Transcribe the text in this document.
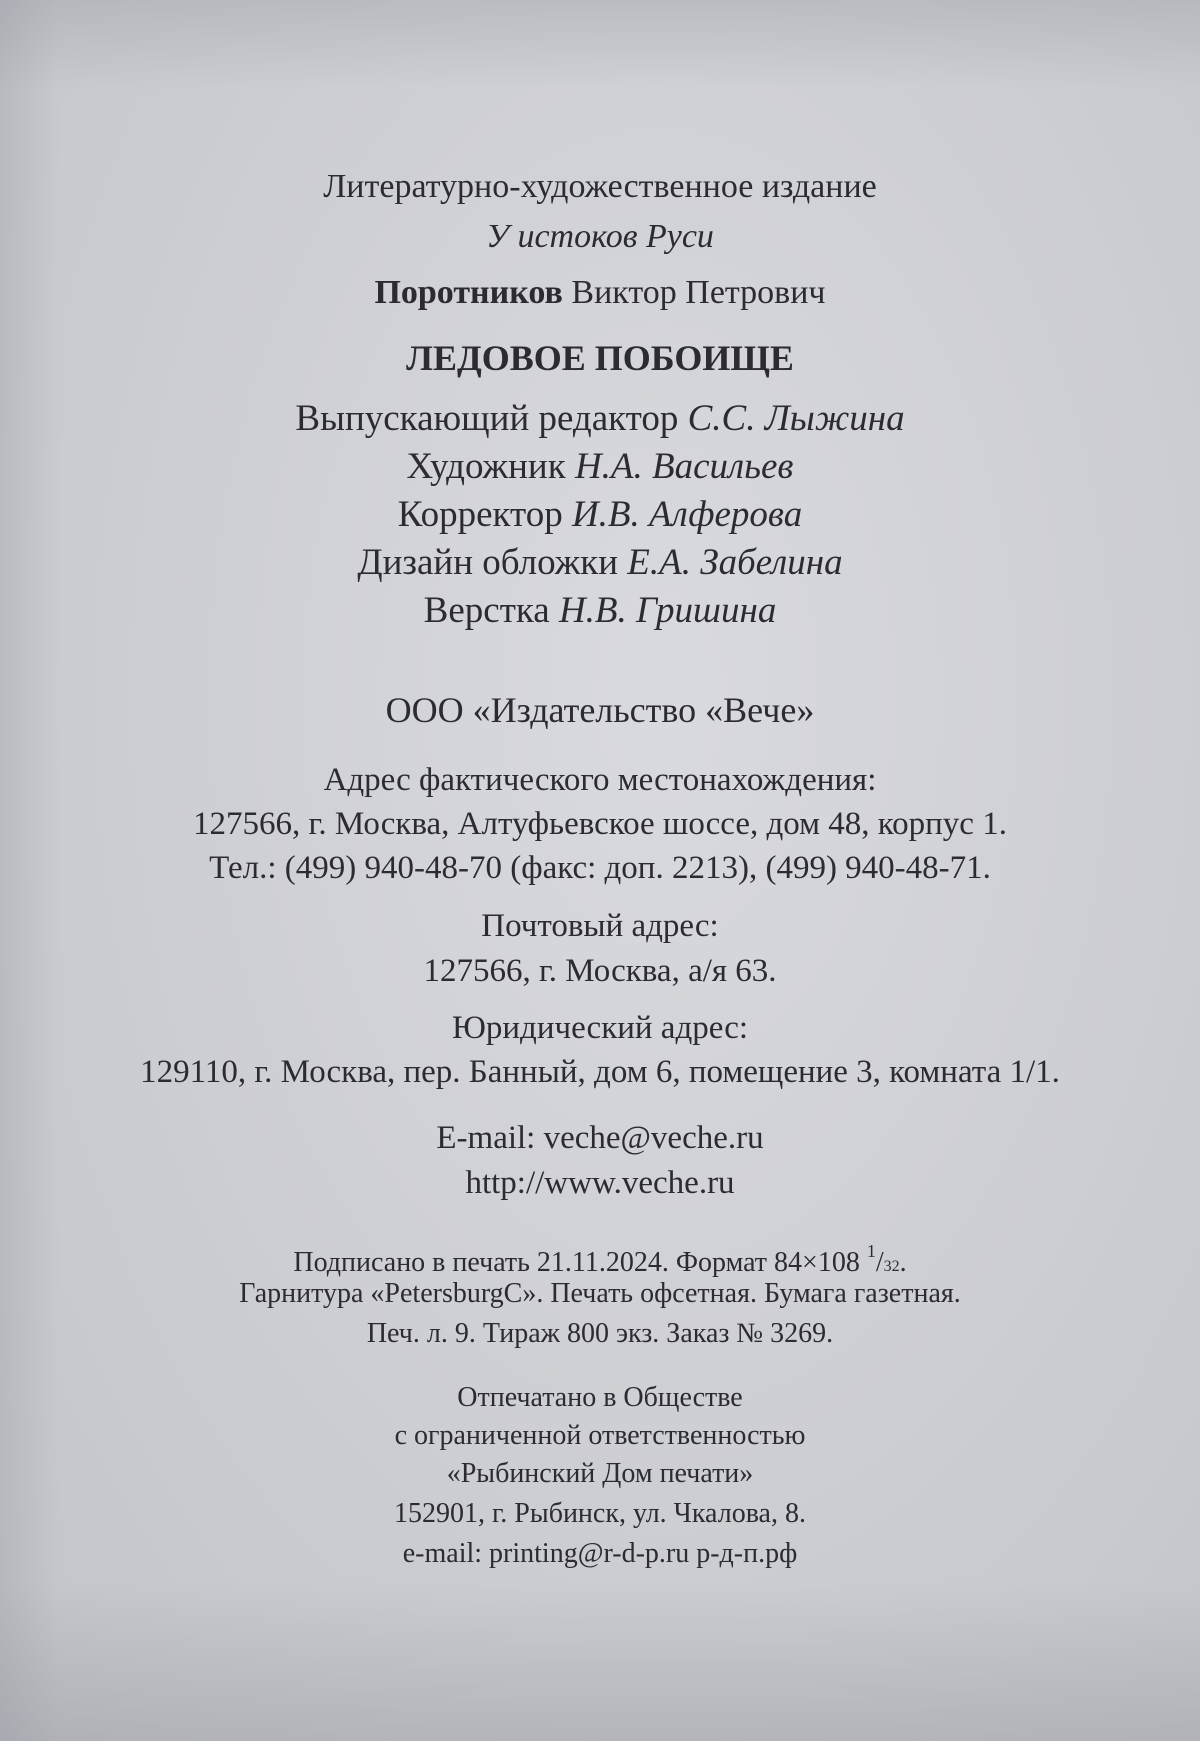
Литературно-художественное издание
У истоков Руси
Поротников Виктор Петрович
ЛЕДОВОЕ ПОБОИЩЕ
Выпускающий редактор С.С. Лыжина
Художник Н.А. Васильев
Корректор И.В. Алферова
Дизайн обложки Е.А. Забелина
Верстка Н.В. Гришина
ООО «Издательство «Вече»
Адрес фактического местонахождения:
127566, г. Москва, Алтуфьевское шоссе, дом 48, корпус 1.
Тел.: (499) 940-48-70 (факс: доп. 2213), (499) 940-48-71.
Почтовый адрес:
127566, г. Москва, а/я 63.
Юридический адрес:
129110, г. Москва, пер. Банный, дом 6, помещение 3, комната 1/1.
E-mail: veche@veche.ru
http://www.veche.ru
Подписано в печать 21.11.2024. Формат 84×108 $^1$/32.
Гарнитура «PetersburgC». Печать офсетная. Бумага газетная.
Печ. л. 9. Тираж 800 экз. Заказ № 3269.
Отпечатано в Обществе
с ограниченной ответственностью
«Рыбинский Дом печати»
152901, г. Рыбинск, ул. Чкалова, 8.
e-mail: printing@r-d-p.ru р-д-п.рф
